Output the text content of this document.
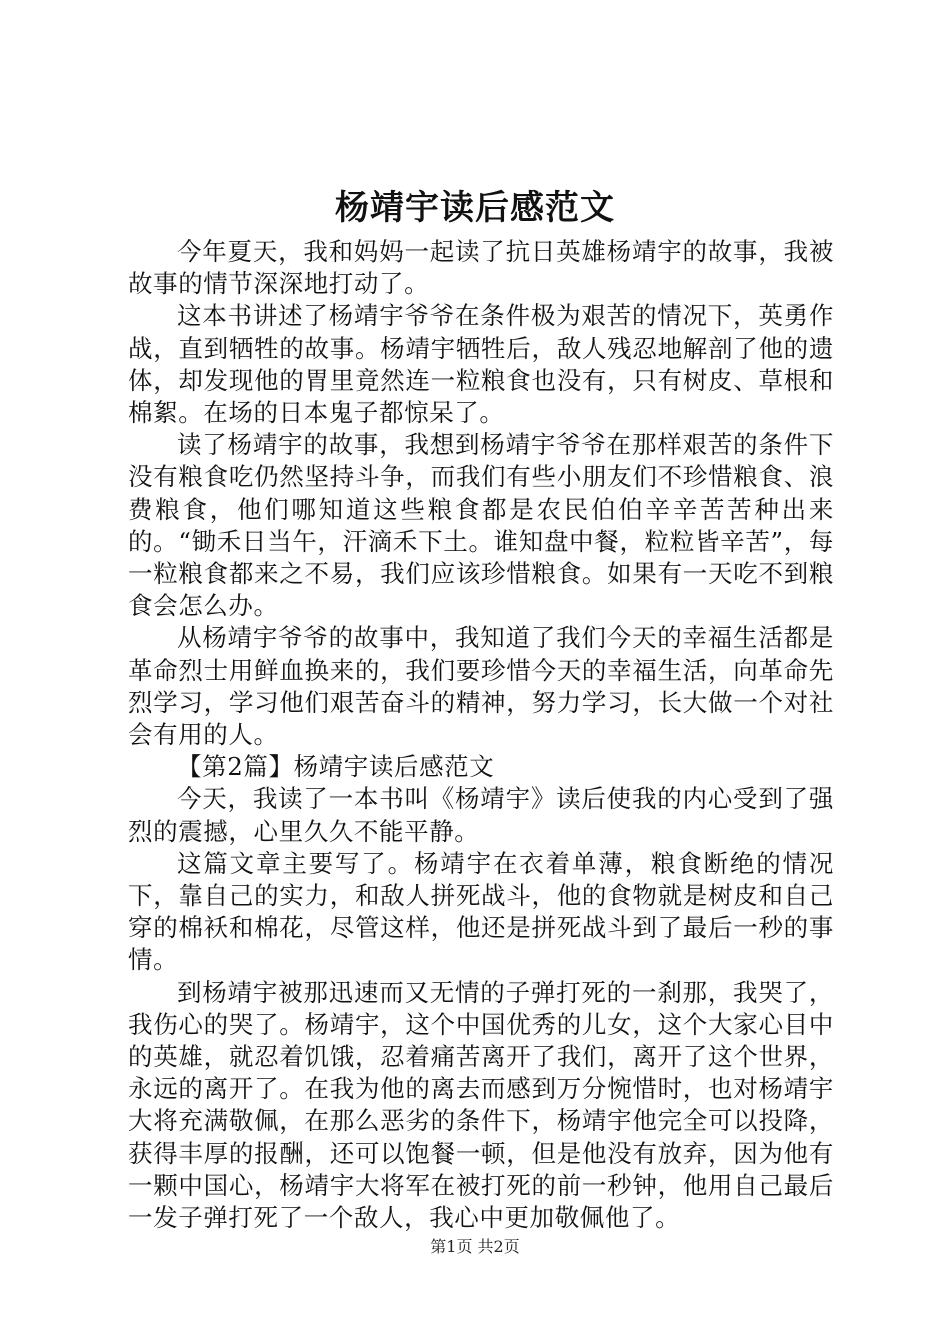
杨靖宇读后感范文

今年夏天，我和妈妈一起读了抗日英雄杨靖宇的故事，我被故事的情节深深地打动了。

这本书讲述了杨靖宇爷爷在条件极为艰苦的情况下，英勇作战，直到牺牲的故事。杨靖宇牺牲后，敌人残忍地解剖了他的遗体，却发现他的胃里竟然连一粒粮食也没有，只有树皮、草根和棉絮。在场的日本鬼子都惊呆了。

读了杨靖宇的故事，我想到杨靖宇爷爷在那样艰苦的条件下没有粮食吃仍然坚持斗争，而我们有些小朋友们不珍惜粮食、浪费粮食，他们哪知道这些粮食都是农民伯伯辛辛苦苦种出来的。“锄禾日当午，汗滴禾下土。谁知盘中餐，粒粒皆辛苦”，每一粒粮食都来之不易，我们应该珍惜粮食。如果有一天吃不到粮食会怎么办。

从杨靖宇爷爷的故事中，我知道了我们今天的幸福生活都是革命烈士用鲜血换来的，我们要珍惜今天的幸福生活，向革命先烈学习，学习他们艰苦奋斗的精神，努力学习，长大做一个对社会有用的人。

【第2篇】杨靖宇读后感范文

今天，我读了一本书叫《杨靖宇》读后使我的内心受到了强烈的震撼，心里久久不能平静。

这篇文章主要写了。杨靖宇在衣着单薄，粮食断绝的情况下，靠自己的实力，和敌人拼死战斗，他的食物就是树皮和自己穿的棉袄和棉花，尽管这样，他还是拼死战斗到了最后一秒的事情。

到杨靖宇被那迅速而又无情的子弹打死的一刹那，我哭了，我伤心的哭了。杨靖宇，这个中国优秀的儿女，这个大家心目中的英雄，就忍着饥饿，忍着痛苦离开了我们，离开了这个世界，永远的离开了。在我为他的离去而感到万分惋惜时，也对杨靖宇大将充满敬佩，在那么恶劣的条件下，杨靖宇他完全可以投降，获得丰厚的报酬，还可以饱餐一顿，但是他没有放弃，因为他有一颗中国心，杨靖宇大将军在被打死的前一秒钟，他用自己最后一发子弹打死了一个敌人，我心中更加敬佩他了。

第1页 共2页
